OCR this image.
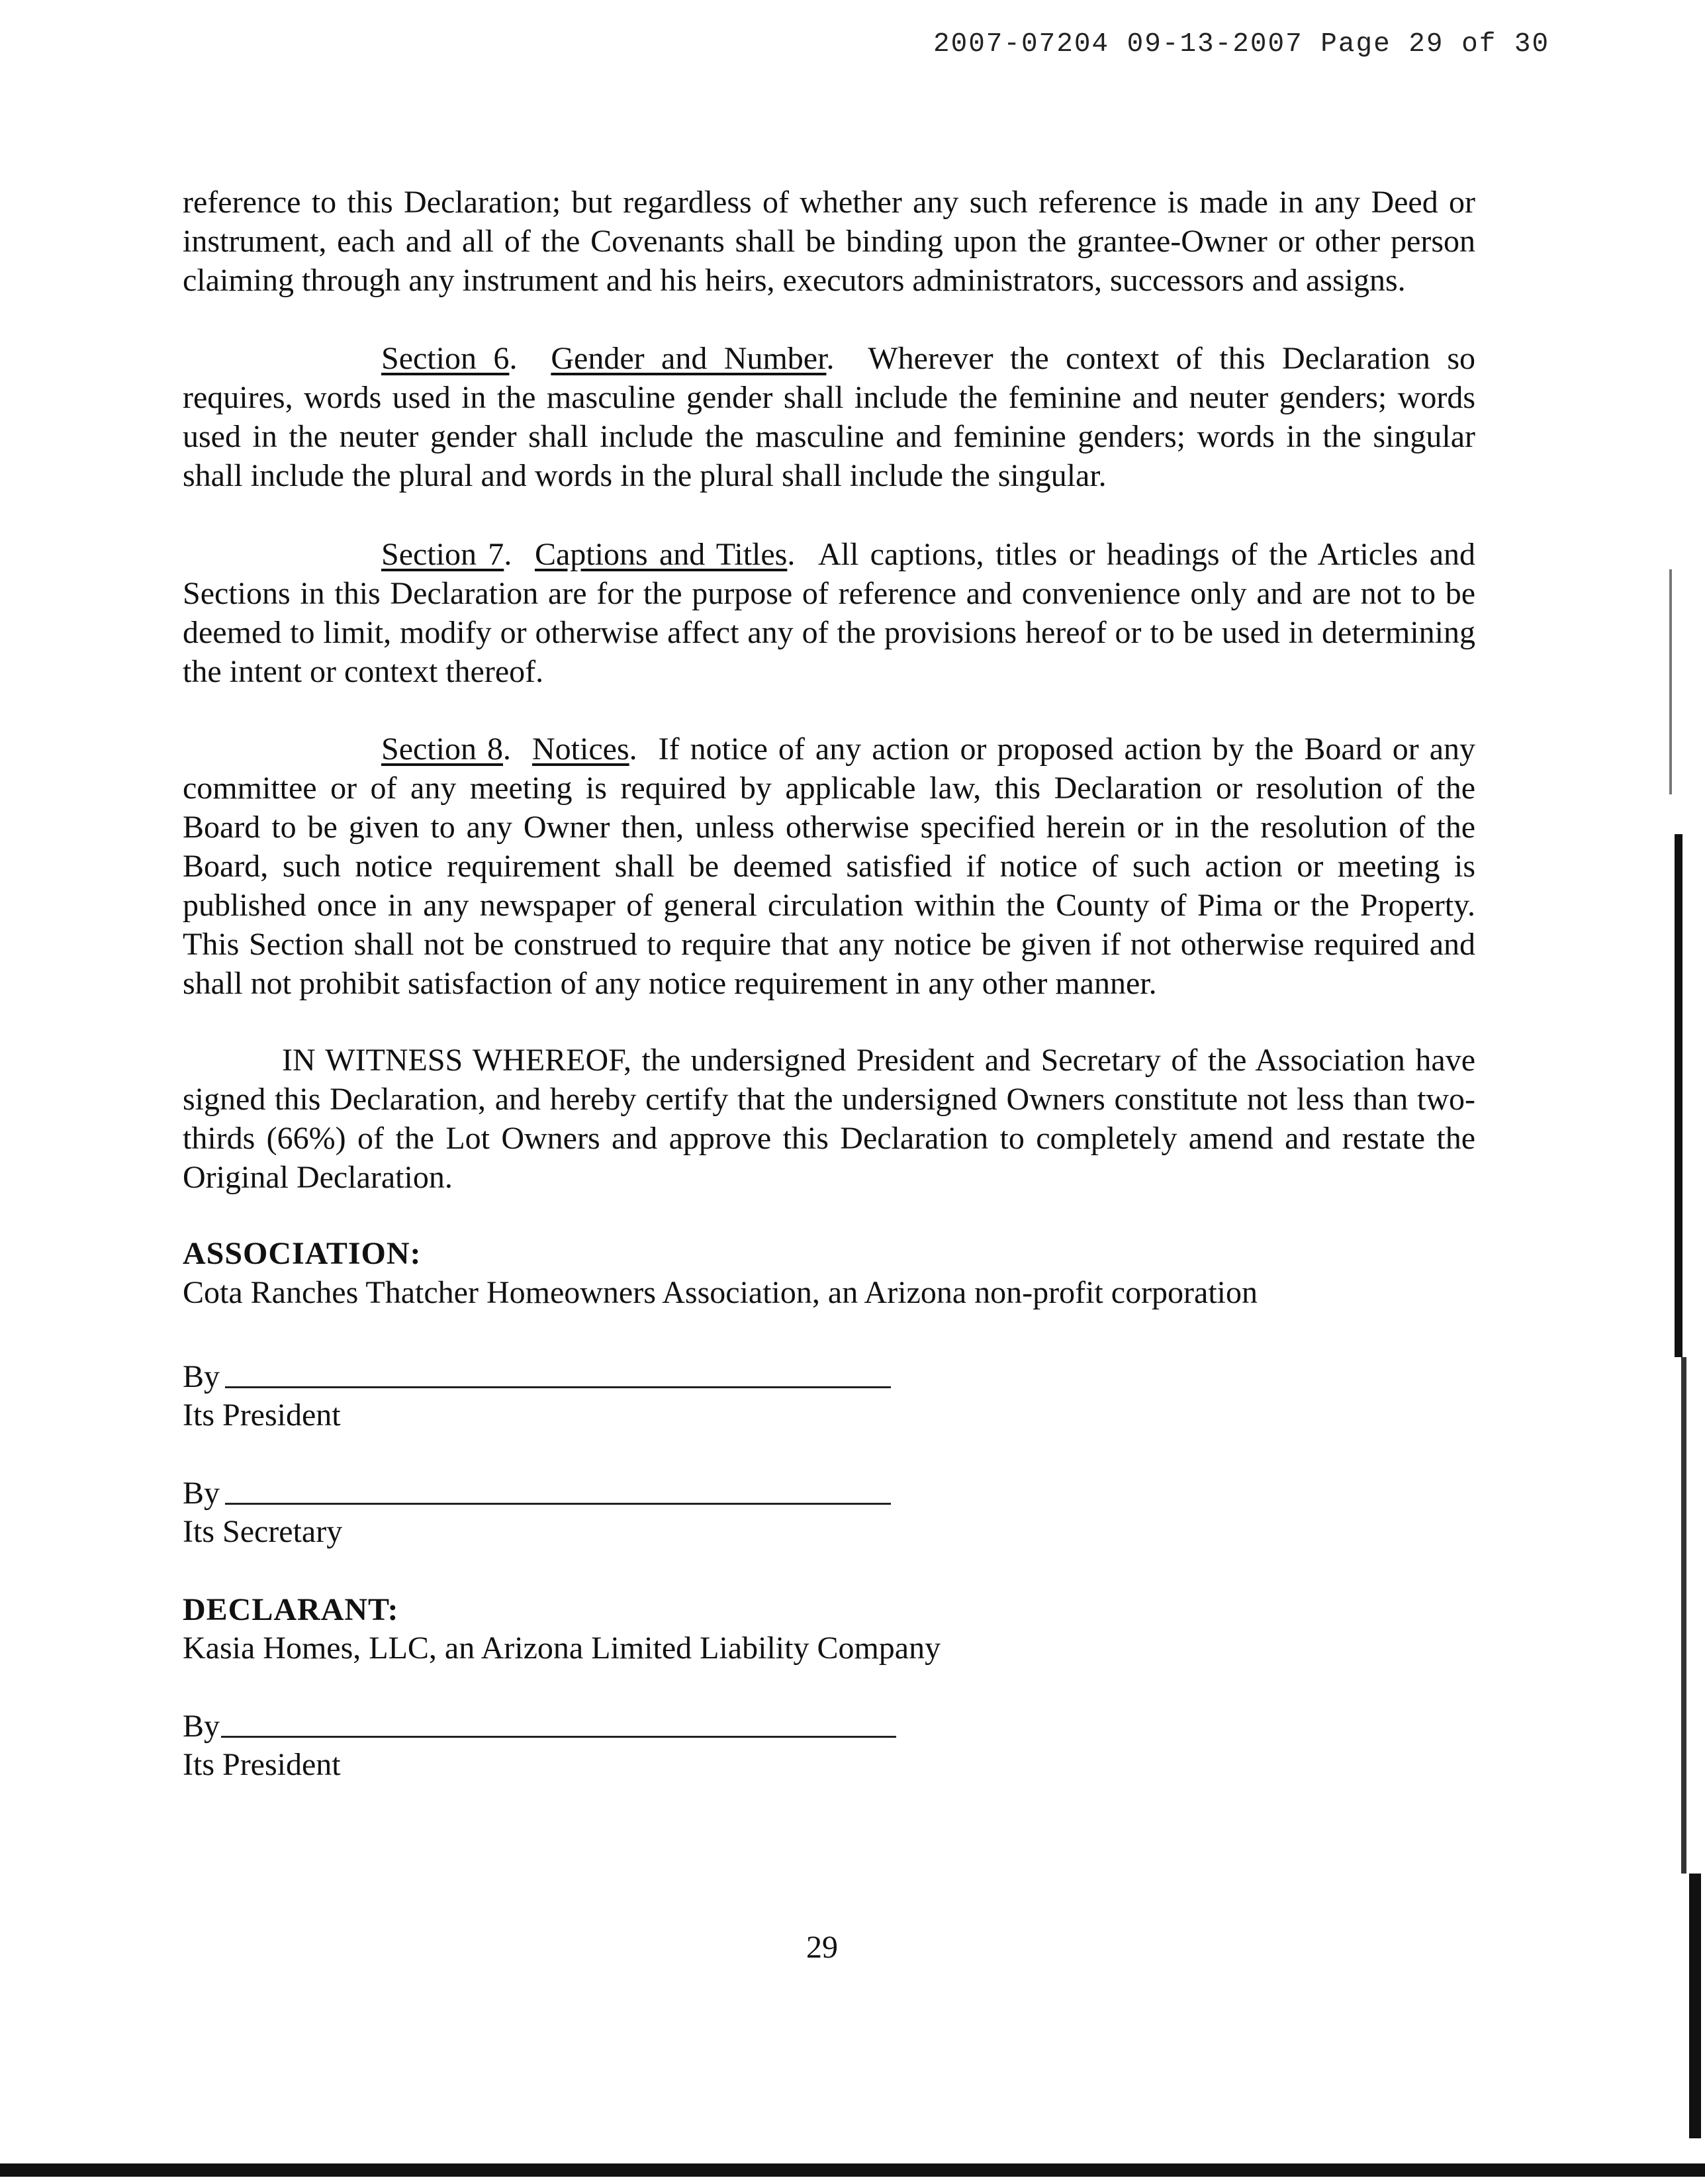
2007-07204 09-13-2007 Page 29 of 30
reference to this Declaration; but regardless of whether any such reference is made in any Deed or instrument, each and all of the Covenants shall be binding upon the grantee-Owner or other person claiming through any instrument and his heirs, executors administrators, successors and assigns.
Section 6.  Gender and Number.  Wherever the context of this Declaration so requires, words used in the masculine gender shall include the feminine and neuter genders; words used in the neuter gender shall include the masculine and feminine genders; words in the singular shall include the plural and words in the plural shall include the singular.
Section 7.  Captions and Titles.  All captions, titles or headings of the Articles and Sections in this Declaration are for the purpose of reference and convenience only and are not to be deemed to limit, modify or otherwise affect any of the provisions hereof or to be used in determining the intent or context thereof.
Section 8.  Notices.  If notice of any action or proposed action by the Board or any committee or of any meeting is required by applicable law, this Declaration or resolution of the Board to be given to any Owner then, unless otherwise specified herein or in the resolution of the Board, such notice requirement shall be deemed satisfied if notice of such action or meeting is published once in any newspaper of general circulation within the County of Pima or the Property. This Section shall not be construed to require that any notice be given if not otherwise required and shall not prohibit satisfaction of any notice requirement in any other manner.
IN WITNESS WHEREOF, the undersigned President and Secretary of the Association have signed this Declaration, and hereby certify that the undersigned Owners constitute not less than two-thirds (66%) of the Lot Owners and approve this Declaration to completely amend and restate the Original Declaration.
ASSOCIATION:
Cota Ranches Thatcher Homeowners Association, an Arizona non-profit corporation
By
Its President
By
Its Secretary
DECLARANT:
Kasia Homes, LLC, an Arizona Limited Liability Company
By
Its President
29
